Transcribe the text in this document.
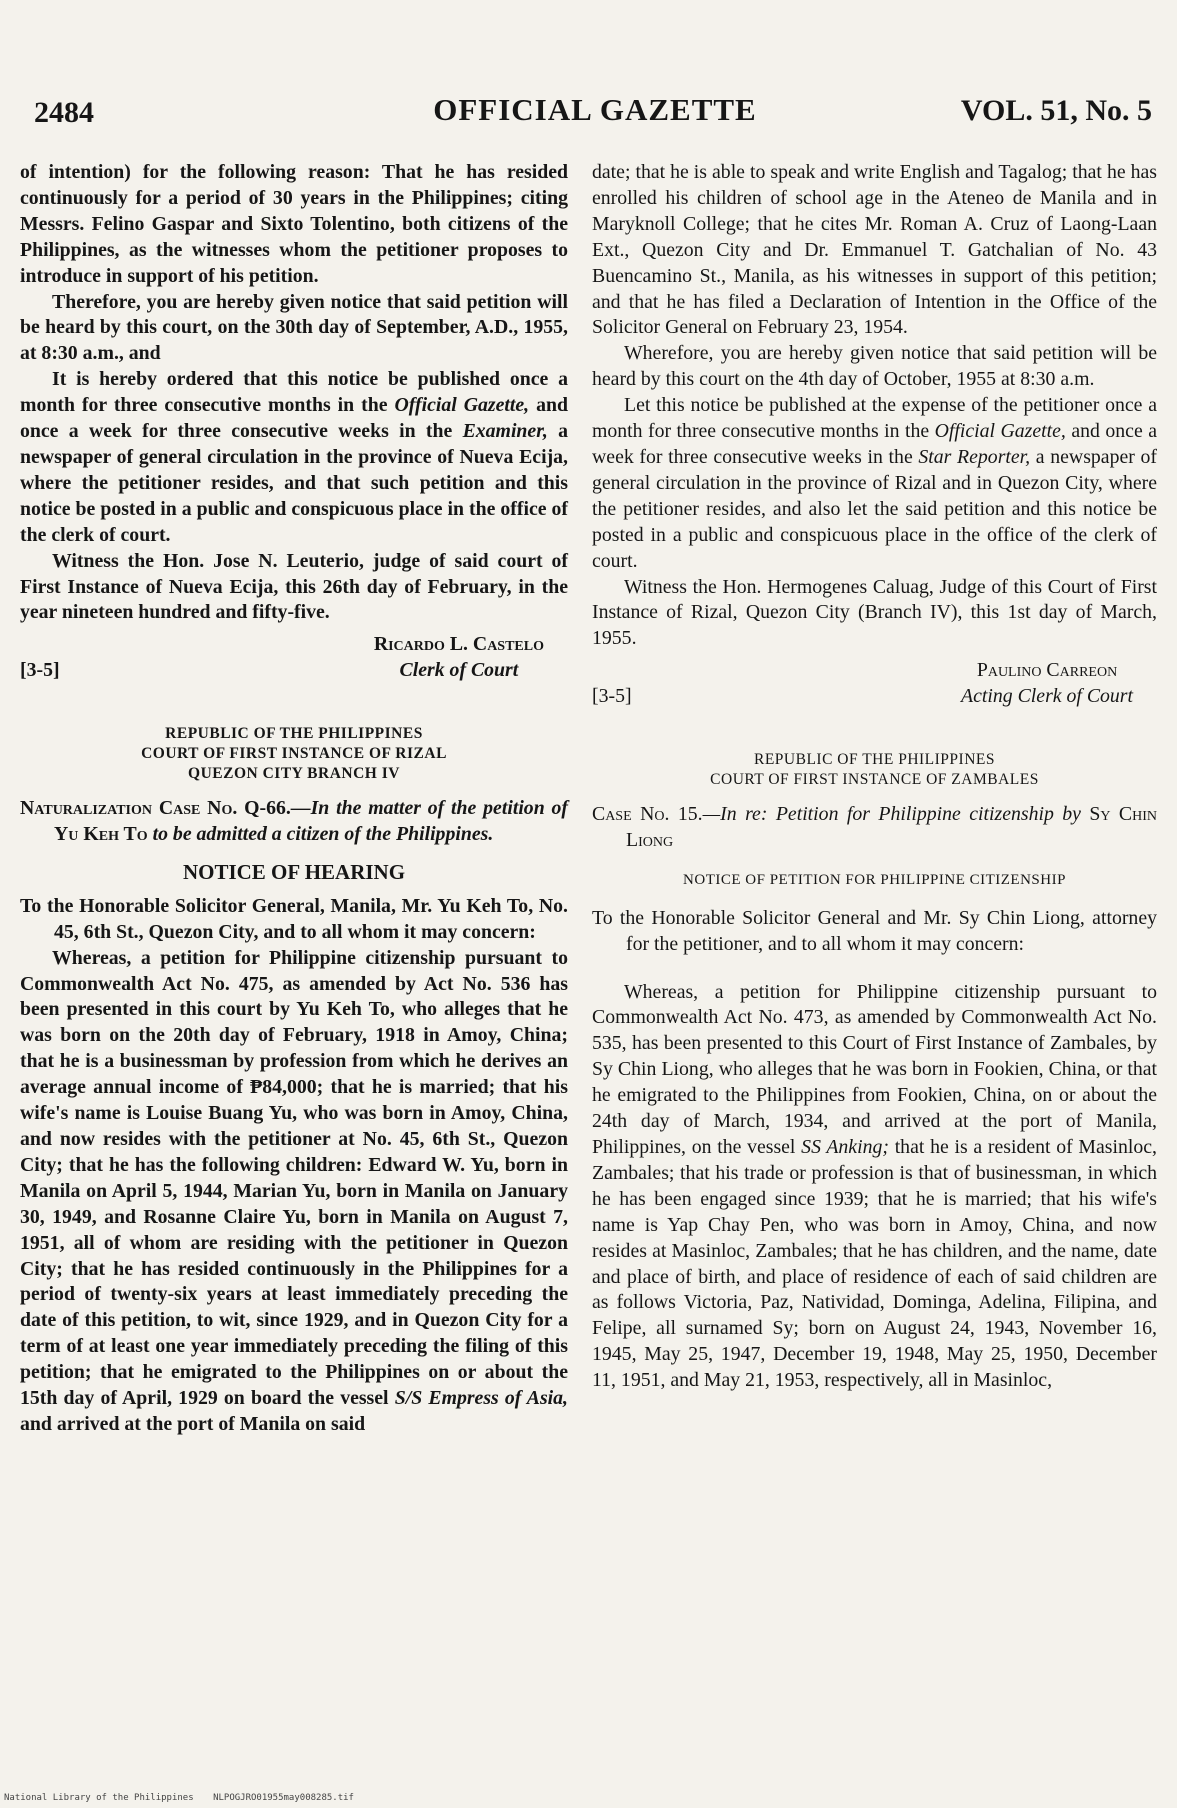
2484	OFFICIAL GAZETTE	VOL. 51, No. 5

of intention) for the following reason: That he has resided continuously for a period of 30 years in the Philippines; citing Messrs. Felino Gaspar and Sixto Tolentino, both citizens of the Philippines, as the witnesses whom the petitioner proposes to introduce in support of his petition.

Therefore, you are hereby given notice that said petition will be heard by this court, on the 30th day of September, A.D., 1955, at 8:30 a.m., and

It is hereby ordered that this notice be published once a month for three consecutive months in the Official Gazette, and once a week for three consecutive weeks in the Examiner, a newspaper of general circulation in the province of Nueva Ecija, where the petitioner resides, and that such petition and this notice be posted in a public and conspicuous place in the office of the clerk of court.

Witness the Hon. Jose N. Leuterio, judge of said court of First Instance of Nueva Ecija, this 26th day of February, in the year nineteen hundred and fifty-five.

[3-5]
Ricardo L. Castelo
Clerk of Court
REPUBLIC OF THE PHILIPPINES
COURT OF FIRST INSTANCE OF RIZAL
QUEZON CITY BRANCH IV

Naturalization Case No. Q-66.—In the matter of the petition of Yu Keh To to be admitted a citizen of the Philippines.

NOTICE OF HEARING

To the Honorable Solicitor General, Manila, Mr. Yu Keh To, No. 45, 6th St., Quezon City, and to all whom it may concern:

Whereas, a petition for Philippine citizenship pursuant to Commonwealth Act No. 475, as amended by Act No. 536 has been presented in this court by Yu Keh To, who alleges that he was born on the 20th day of February, 1918 in Amoy, China; that he is a businessman by profession from which he derives an average annual income of ₱84,000; that he is married; that his wife's name is Louise Buang Yu, who was born in Amoy, China, and now resides with the petitioner at No. 45, 6th St., Quezon City; that he has the following children: Edward W. Yu, born in Manila on April 5, 1944, Marian Yu, born in Manila on January 30, 1949, and Rosanne Claire Yu, born in Manila on August 7, 1951, all of whom are residing with the petitioner in Quezon City; that he has resided continuously in the Philippines for a period of twenty-six years at least immediately preceding the date of this petition, to wit, since 1929, and in Quezon City for a term of at least one year immediately preceding the filing of this petition; that he emigrated to the Philippines on or about the 15th day of April, 1929 on board the vessel S/S Empress of Asia, and arrived at the port of Manila on said

date; that he is able to speak and write English and Tagalog; that he has enrolled his children of school age in the Ateneo de Manila and in Maryknoll College; that he cites Mr. Roman A. Cruz of Laong-Laan Ext., Quezon City and Dr. Emmanuel T. Gatchalian of No. 43 Buencamino St., Manila, as his witnesses in support of this petition; and that he has filed a Declaration of Intention in the Office of the Solicitor General on February 23, 1954.

Wherefore, you are hereby given notice that said petition will be heard by this court on the 4th day of October, 1955 at 8:30 a.m.

Let this notice be published at the expense of the petitioner once a month for three consecutive months in the Official Gazette, and once a week for three consecutive weeks in the Star Reporter, a newspaper of general circulation in the province of Rizal and in Quezon City, where the petitioner resides, and also let the said petition and this notice be posted in a public and conspicuous place in the office of the clerk of court.

Witness the Hon. Hermogenes Caluag, Judge of this Court of First Instance of Rizal, Quezon City (Branch IV), this 1st day of March, 1955.

[3-5]
Paulino Carreon
Acting Clerk of Court
REPUBLIC OF THE PHILIPPINES
COURT OF FIRST INSTANCE OF ZAMBALES

Case No. 15.—In re: Petition for Philippine citizenship by Sy Chin Liong

NOTICE OF PETITION FOR PHILIPPINE CITIZENSHIP

To the Honorable Solicitor General and Mr. Sy Chin Liong, attorney for the petitioner, and to all whom it may concern:

Whereas, a petition for Philippine citizenship pursuant to Commonwealth Act No. 473, as amended by Commonwealth Act No. 535, has been presented to this Court of First Instance of Zambales, by Sy Chin Liong, who alleges that he was born in Fookien, China, or that he emigrated to the Philippines from Fookien, China, on or about the 24th day of March, 1934, and arrived at the port of Manila, Philippines, on the vessel SS Anking; that he is a resident of Masinloc, Zambales; that his trade or profession is that of businessman, in which he has been engaged since 1939; that he is married; that his wife's name is Yap Chay Pen, who was born in Amoy, China, and now resides at Masinloc, Zambales; that he has children, and the name, date and place of birth, and place of residence of each of said children are as follows Victoria, Paz, Natividad, Dominga, Adelina, Filipina, and Felipe, all surnamed Sy; born on August 24, 1943, November 16, 1945, May 25, 1947, December 19, 1948, May 25, 1950, December 11, 1951, and May 21, 1953, respectively, all in Masinloc,

National Library of the Philippines NLPOGJRO01955may008285.tif
